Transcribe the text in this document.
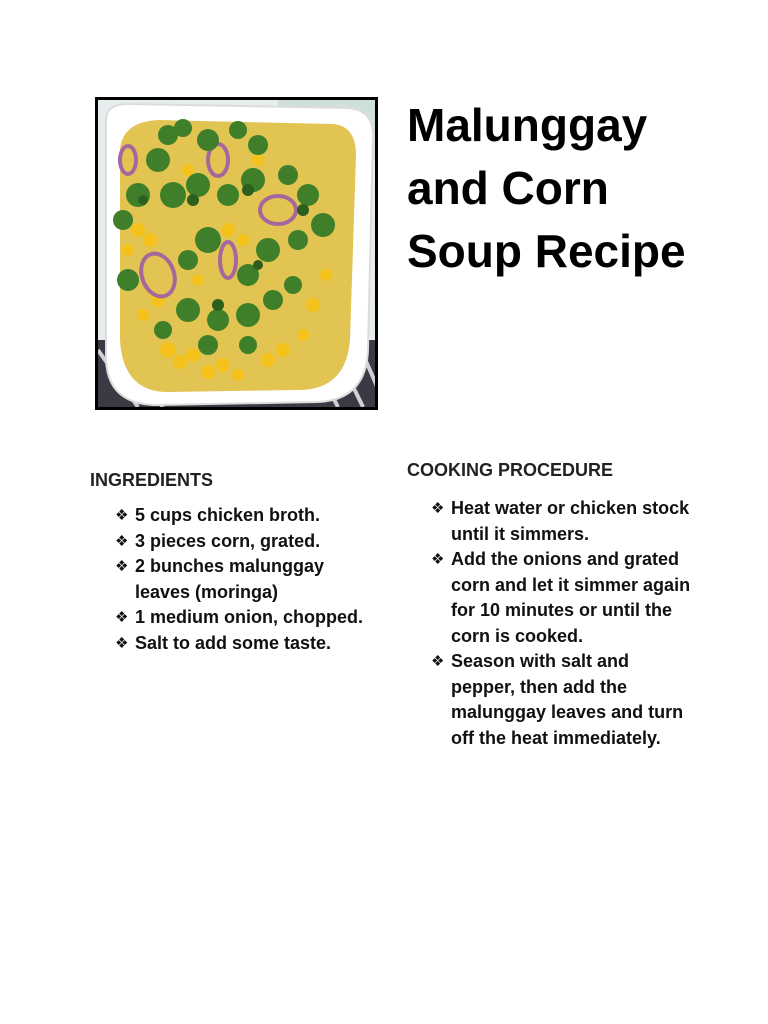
Malunggay and Corn Soup Recipe
INGREDIENTS
❖ 5 cups chicken broth.
❖ 3 pieces corn, grated.
❖ 2 bunches malunggay leaves (moringa)
❖ 1 medium onion, chopped.
❖ Salt to add some taste.
COOKING PROCEDURE
❖ Heat water or chicken stock until it simmers.
❖ Add the onions and grated corn and let it simmer again for 10 minutes or until the corn is cooked.
❖ Season with salt and pepper, then add the malunggay leaves and turn off the heat immediately.
